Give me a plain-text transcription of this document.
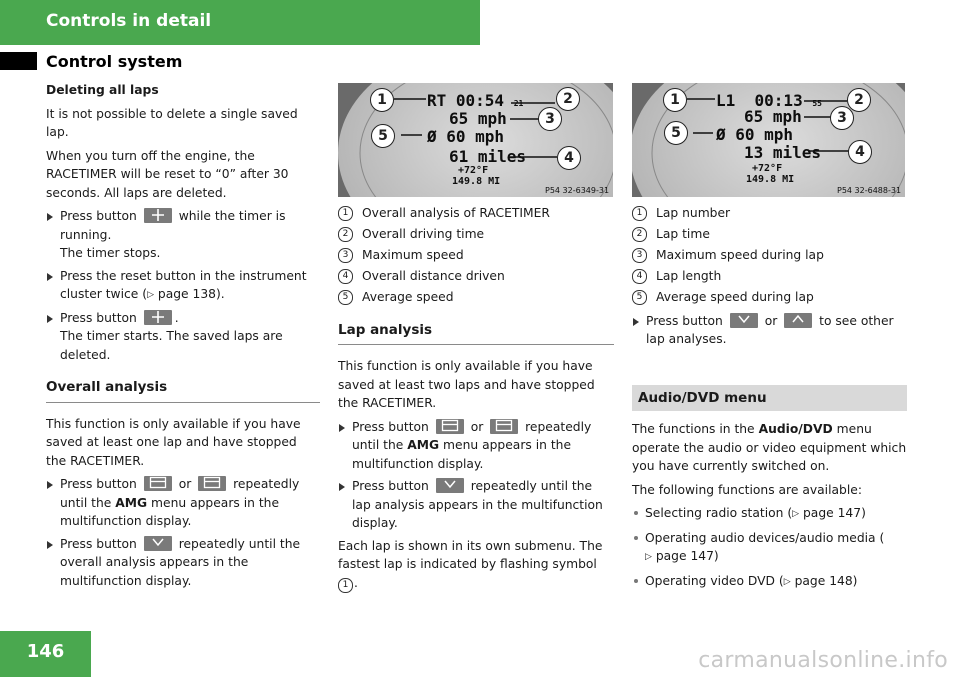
Controls in detail
Control system

Deleting all laps

It is not possible to delete a single saved lap.

When you turn off the engine, the RACETIMER will be reset to “0” after 30 seconds. All laps are deleted.

Press button	while the timer is running.
The timer stops.
Press the reset button in the instrument cluster twice (▷ page 138).
Press button	.
The timer starts. The saved laps are deleted.
Overall analysis

This function is only available if you have saved at least one lap and have stopped the RACETIMER.

Press button	or	repeatedly until the AMG menu appears in the multifunction display.
Press button	repeatedly until the overall analysis appears in the multifunction display.
RT 00:54 21
65 mph
Ø 60 mph
61 miles
+72°F
149.8 MI
1	2
3
5
4
P54 32-6349-31
1	Overall analysis of RACETIMER
2	Overall driving time
3	Maximum speed
4	Overall distance driven
5	Average speed
Lap analysis

This function is only available if you have saved at least two laps and have stopped the RACETIMER.

Press button	or	repeatedly until the AMG menu appears in the multifunction display.
Press button	repeatedly until the lap analysis appears in the multifunction display.

Each lap is shown in its own submenu. The fastest lap is indicated by flashing symbol
1 .

L1 00:13 55
65 mph
Ø 60 mph
13 miles
+72°F
149.8 MI
1	2
3
5
4
P54 32-6488-31
1	Lap number
2	Lap time
3	Maximum speed during lap
4	Lap length
5	Average speed during lap
Press button	or	to see other lap analyses.
Audio/DVD menu

The functions in the Audio/DVD menu operate the audio or video equipment which you have currently switched on.

The following functions are available:

Selecting radio station (▷ page 147)
Operating audio devices/audio media (
▷ page 147)
Operating video DVD (▷ page 148)
146	carmanualsonline.info
